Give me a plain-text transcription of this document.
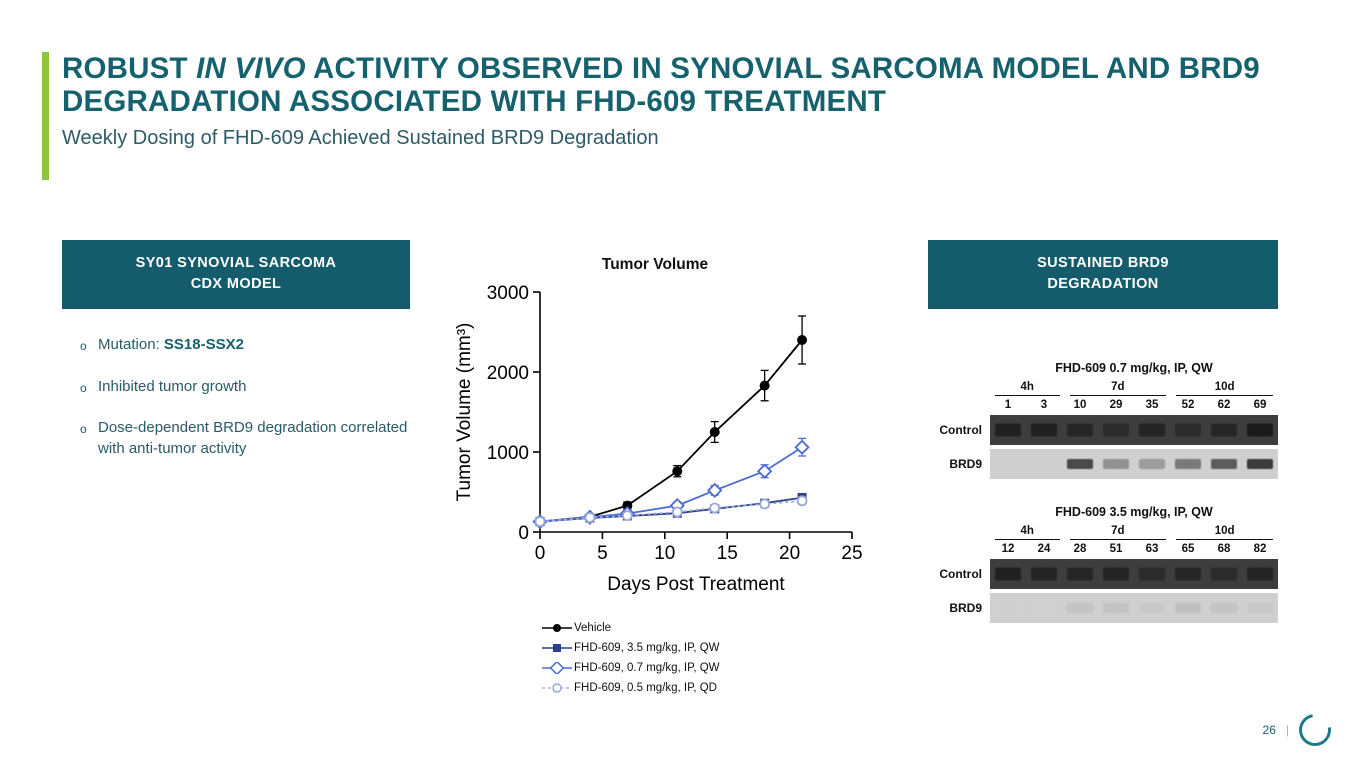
ROBUST IN VIVO ACTIVITY OBSERVED IN SYNOVIAL SARCOMA MODEL AND BRD9 DEGRADATION ASSOCIATED WITH FHD-609 TREATMENT
Weekly Dosing of FHD-609 Achieved Sustained BRD9 Degradation
SY01 SYNOVIAL SARCOMA
CDX MODEL
o Mutation: SS18-SSX2
o Inhibited tumor growth
o Dose-dependent BRD9 degradation correlated with anti-tumor activity
Tumor Volume
0
1000
2000
3000
0	5 10 15 20 25
Days Post Treatment
Tumor Volume (mm³)
Vehicle
FHD-609, 3.5 mg/kg, IP, QW
FHD-609, 0.7 mg/kg, IP, QW
FHD-609, 0.5 mg/kg, IP, QD
SUSTAINED BRD9
DEGRADATION
FHD-609 0.7 mg/kg, IP, QW
4h	7d	10d
1	3	10	29	35	52	62	69
Control
BRD9
FHD-609 3.5 mg/kg, IP, QW
4h	7d	10d
12	24	28	51	63	65	68	82
Control
BRD9
26 |
